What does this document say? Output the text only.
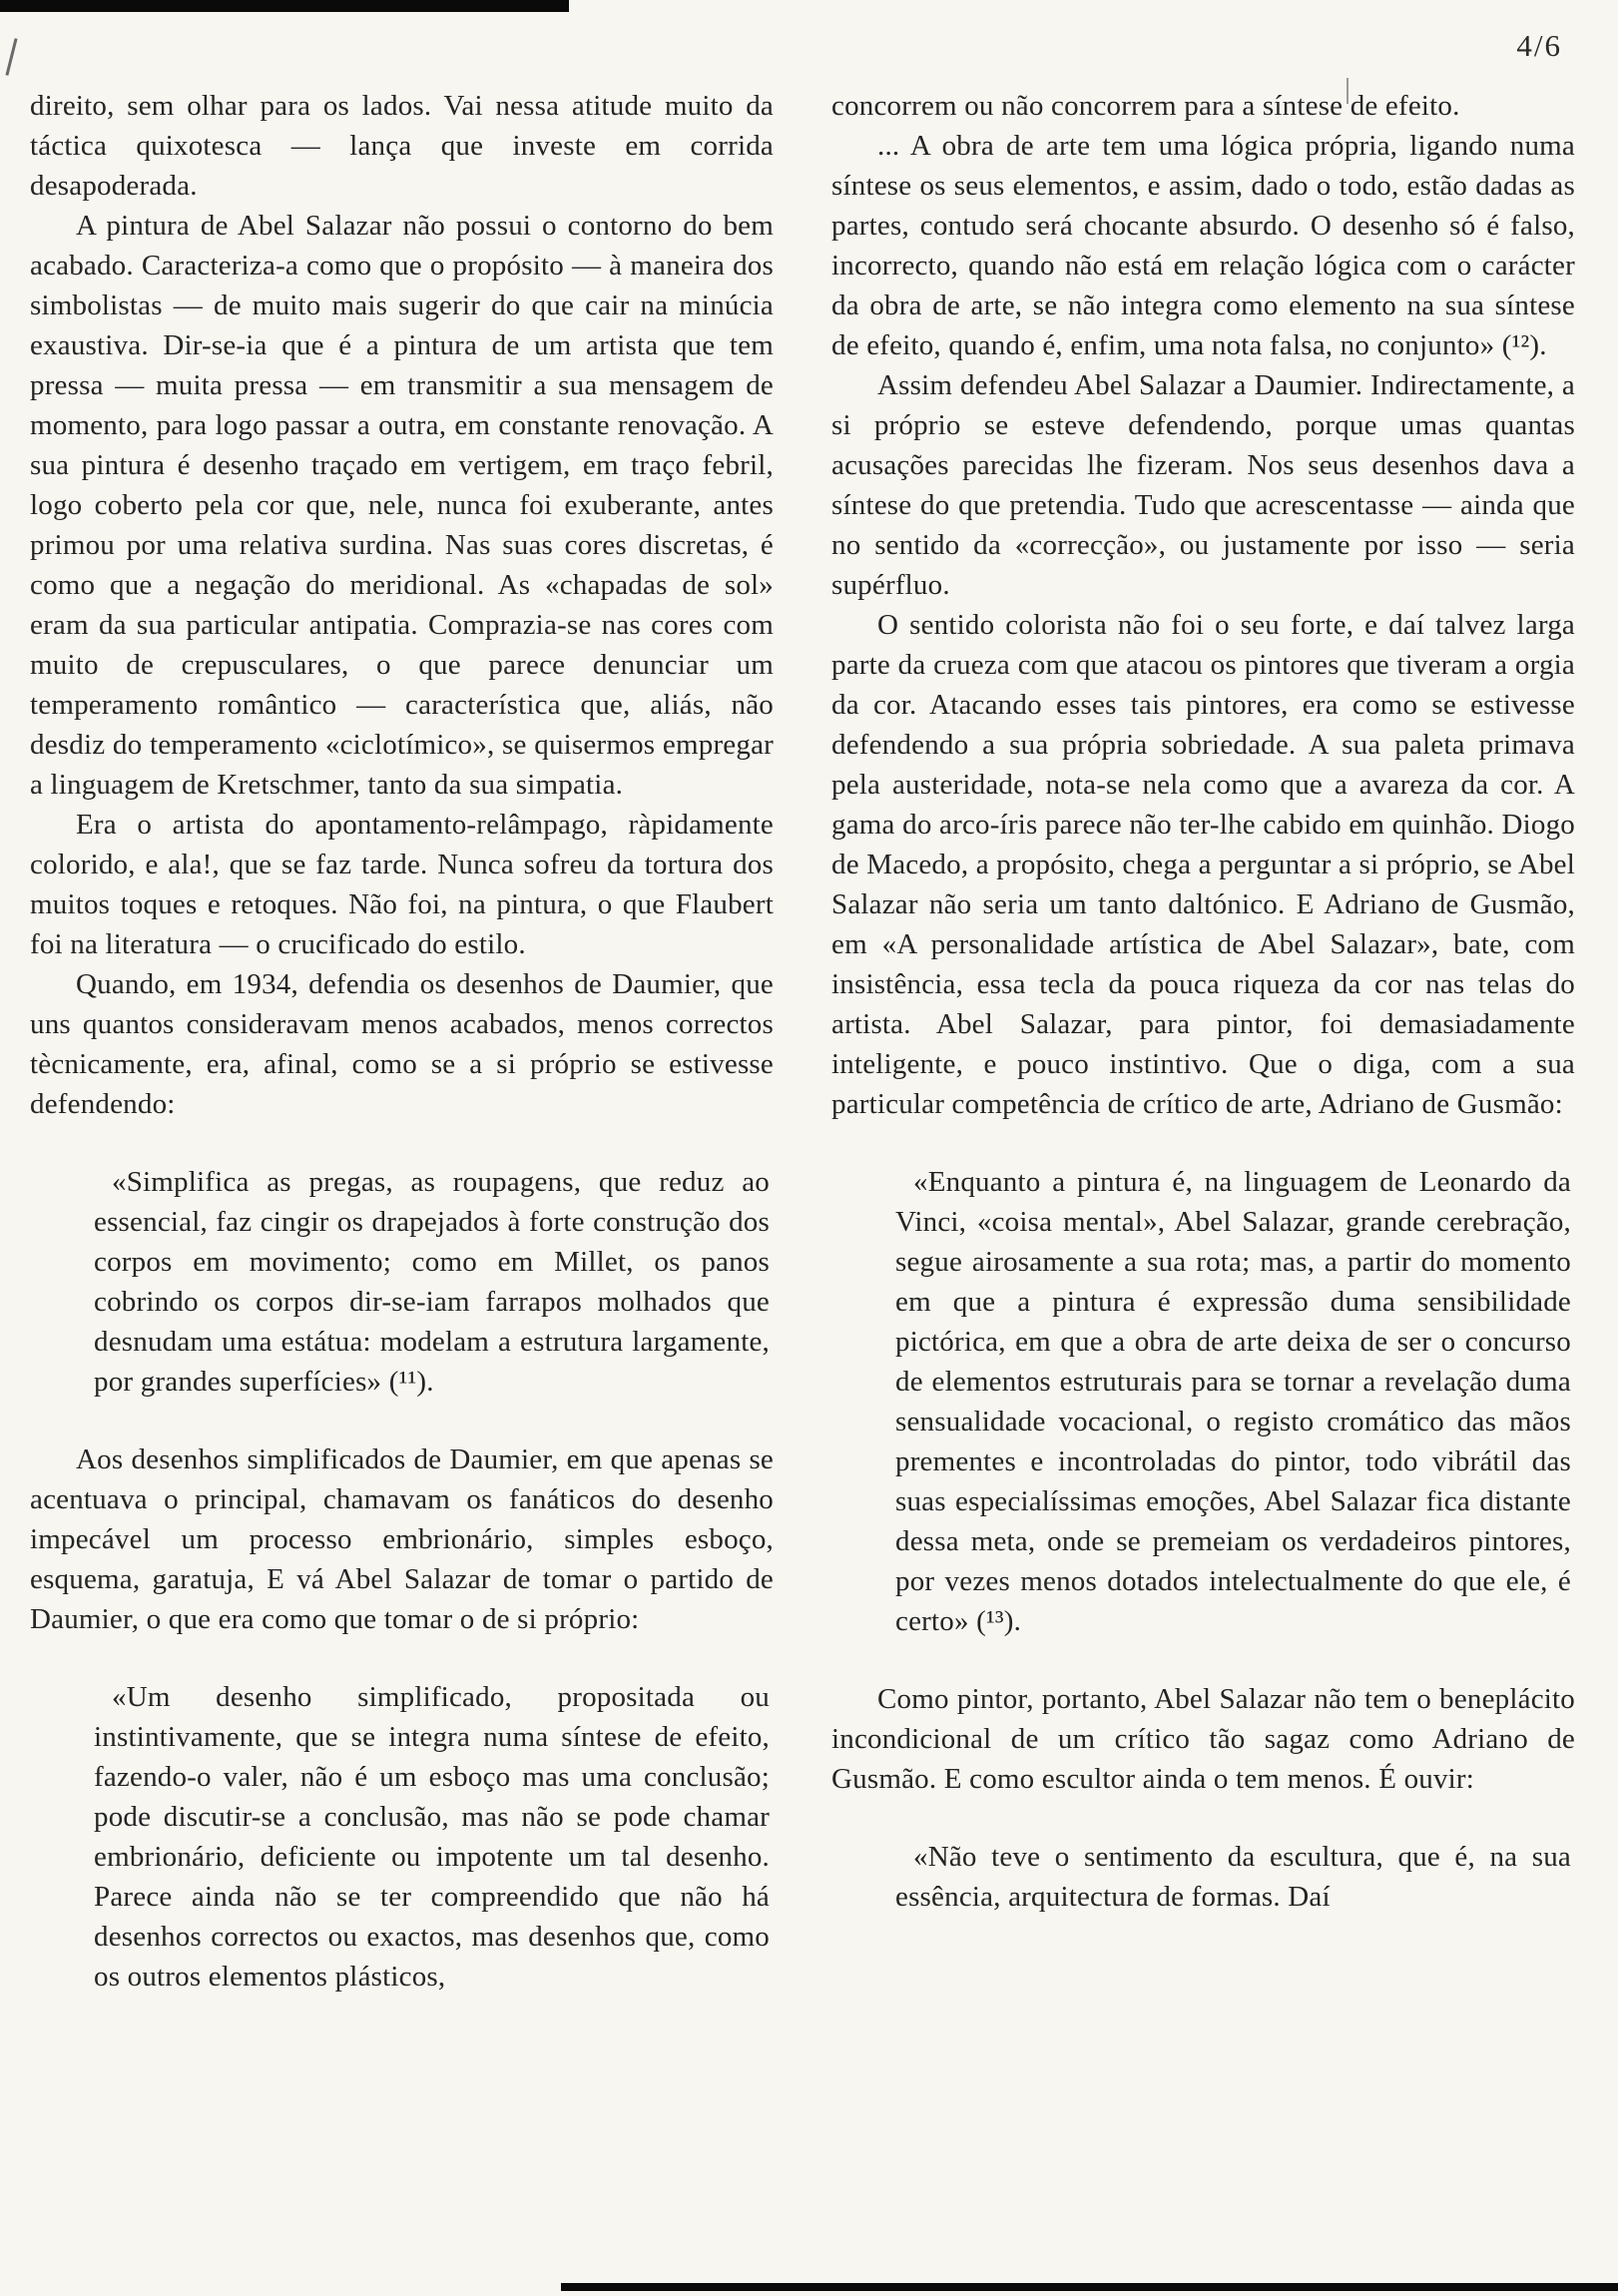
4/6

direito, sem olhar para os lados. Vai nessa atitude muito da táctica quixotesca — lança que investe em corrida desapoderada.

A pintura de Abel Salazar não possui o contorno do bem acabado. Caracteriza-a como que o propósito — à maneira dos simbolistas — de muito mais sugerir do que cair na minúcia exaustiva. Dir-se-ia que é a pintura de um artista que tem pressa — muita pressa — em transmitir a sua mensagem de momento, para logo passar a outra, em constante renovação. A sua pintura é desenho traçado em vertigem, em traço febril, logo coberto pela cor que, nele, nunca foi exuberante, antes primou por uma relativa surdina. Nas suas cores discretas, é como que a negação do meridional. As «chapadas de sol» eram da sua particular antipatia. Comprazia-se nas cores com muito de crepusculares, o que parece denunciar um temperamento romântico — característica que, aliás, não desdiz do temperamento «ciclotímico», se quisermos empregar a linguagem de Kretschmer, tanto da sua simpatia.

Era o artista do apontamento-relâmpago, ràpidamente colorido, e ala!, que se faz tarde. Nunca sofreu da tortura dos muitos toques e retoques. Não foi, na pintura, o que Flaubert foi na literatura — o crucificado do estilo.

Quando, em 1934, defendia os desenhos de Daumier, que uns quantos consideravam menos acabados, menos correctos tècnicamente, era, afinal, como se a si próprio se estivesse defendendo:

«Simplifica as pregas, as roupagens, que reduz ao essencial, faz cingir os drapejados à forte construção dos corpos em movimento; como em Millet, os panos cobrindo os corpos dir-se-iam farrapos molhados que desnudam uma estátua: modelam a estrutura largamente, por grandes superfícies» (¹¹).

Aos desenhos simplificados de Daumier, em que apenas se acentuava o principal, chamavam os fanáticos do desenho impecável um processo embrionário, simples esboço, esquema, garatuja, E vá Abel Salazar de tomar o partido de Daumier, o que era como que tomar o de si próprio:

«Um desenho simplificado, propositada ou instintivamente, que se integra numa síntese de efeito, fazendo-o valer, não é um esboço mas uma conclusão; pode discutir-se a conclusão, mas não se pode chamar embrionário, deficiente ou impotente um tal desenho. Parece ainda não se ter compreendido que não há desenhos correctos ou exactos, mas desenhos que, como os outros elementos plásticos,

concorrem ou não concorrem para a síntese de efeito.

... A obra de arte tem uma lógica própria, ligando numa síntese os seus elementos, e assim, dado o todo, estão dadas as partes, contudo será chocante absurdo. O desenho só é falso, incorrecto, quando não está em relação lógica com o carácter da obra de arte, se não integra como elemento na sua síntese de efeito, quando é, enfim, uma nota falsa, no conjunto» (¹²).

Assim defendeu Abel Salazar a Daumier. Indirectamente, a si próprio se esteve defendendo, porque umas quantas acusações parecidas lhe fizeram. Nos seus desenhos dava a síntese do que pretendia. Tudo que acrescentasse — ainda que no sentido da «correcção», ou justamente por isso — seria supérfluo.

O sentido colorista não foi o seu forte, e daí talvez larga parte da crueza com que atacou os pintores que tiveram a orgia da cor. Atacando esses tais pintores, era como se estivesse defendendo a sua própria sobriedade. A sua paleta primava pela austeridade, nota-se nela como que a avareza da cor. A gama do arco-íris parece não ter-lhe cabido em quinhão. Diogo de Macedo, a propósito, chega a perguntar a si próprio, se Abel Salazar não seria um tanto daltónico. E Adriano de Gusmão, em «A personalidade artística de Abel Salazar», bate, com insistência, essa tecla da pouca riqueza da cor nas telas do artista. Abel Salazar, para pintor, foi demasiadamente inteligente, e pouco instintivo. Que o diga, com a sua particular competência de crítico de arte, Adriano de Gusmão:

«Enquanto a pintura é, na linguagem de Leonardo da Vinci, «coisa mental», Abel Salazar, grande cerebração, segue airosamente a sua rota; mas, a partir do momento em que a pintura é expressão duma sensibilidade pictórica, em que a obra de arte deixa de ser o concurso de elementos estruturais para se tornar a revelação duma sensualidade vocacional, o registo cromático das mãos prementes e incontroladas do pintor, todo vibrátil das suas especialíssimas emoções, Abel Salazar fica distante dessa meta, onde se premeiam os verdadeiros pintores, por vezes menos dotados intelectualmente do que ele, é certo» (¹³).

Como pintor, portanto, Abel Salazar não tem o beneplácito incondicional de um crítico tão sagaz como Adriano de Gusmão. E como escultor ainda o tem menos. É ouvir:

«Não teve o sentimento da escultura, que é, na sua essência, arquitectura de formas. Daí
